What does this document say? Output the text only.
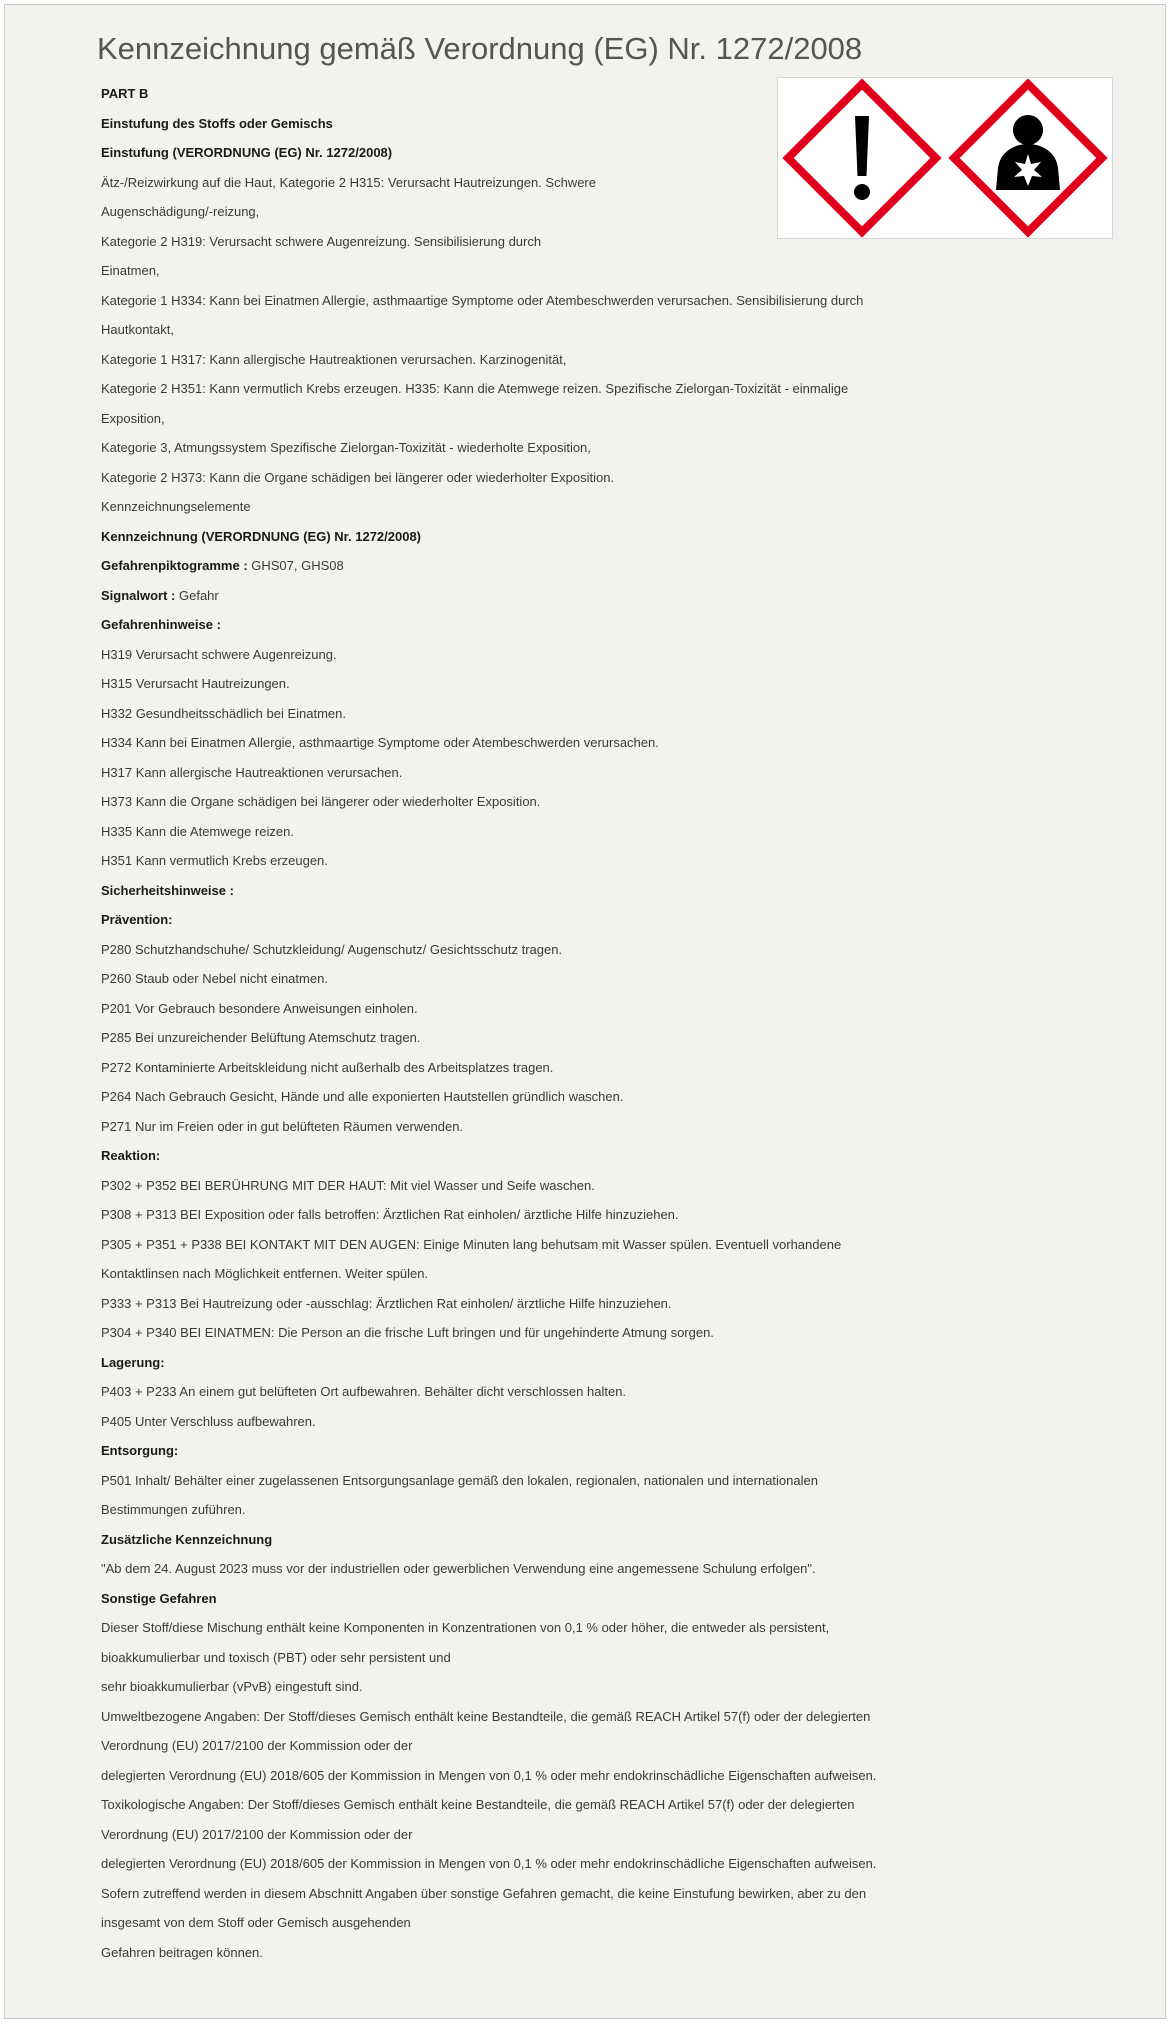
Kennzeichnung gemäß Verordnung (EG) Nr. 1272/2008
PART B
Einstufung des Stoffs oder Gemischs
Einstufung (VERORDNUNG (EG) Nr. 1272/2008)
Ätz-/Reizwirkung auf die Haut, Kategorie 2 H315: Verursacht Hautreizungen. Schwere
Augenschädigung/-reizung,
Kategorie 2 H319: Verursacht schwere Augenreizung. Sensibilisierung durch
Einatmen,
Kategorie 1 H334: Kann bei Einatmen Allergie, asthmaartige Symptome oder Atembeschwerden verursachen. Sensibilisierung durch
Hautkontakt,
Kategorie 1 H317: Kann allergische Hautreaktionen verursachen. Karzinogenität,
Kategorie 2 H351: Kann vermutlich Krebs erzeugen. H335: Kann die Atemwege reizen. Spezifische Zielorgan-Toxizität - einmalige
Exposition,
Kategorie 3, Atmungssystem Spezifische Zielorgan-Toxizität - wiederholte Exposition,
Kategorie 2 H373: Kann die Organe schädigen bei längerer oder wiederholter Exposition.
Kennzeichnungselemente
Kennzeichnung (VERORDNUNG (EG) Nr. 1272/2008)
Gefahrenpiktogramme : GHS07, GHS08
Signalwort : Gefahr
Gefahrenhinweise :
H319 Verursacht schwere Augenreizung.
H315 Verursacht Hautreizungen.
H332 Gesundheitsschädlich bei Einatmen.
H334 Kann bei Einatmen Allergie, asthmaartige Symptome oder Atembeschwerden verursachen.
H317 Kann allergische Hautreaktionen verursachen.
H373 Kann die Organe schädigen bei längerer oder wiederholter Exposition.
H335 Kann die Atemwege reizen.
H351 Kann vermutlich Krebs erzeugen.
Sicherheitshinweise :
Prävention:
P280 Schutzhandschuhe/ Schutzkleidung/ Augenschutz/ Gesichtsschutz tragen.
P260 Staub oder Nebel nicht einatmen.
P201 Vor Gebrauch besondere Anweisungen einholen.
P285 Bei unzureichender Belüftung Atemschutz tragen.
P272 Kontaminierte Arbeitskleidung nicht außerhalb des Arbeitsplatzes tragen.
P264 Nach Gebrauch Gesicht, Hände und alle exponierten Hautstellen gründlich waschen.
P271 Nur im Freien oder in gut belüfteten Räumen verwenden.
Reaktion:
P302 + P352 BEI BERÜHRUNG MIT DER HAUT: Mit viel Wasser und Seife waschen.
P308 + P313 BEI Exposition oder falls betroffen: Ärztlichen Rat einholen/ ärztliche Hilfe hinzuziehen.
P305 + P351 + P338 BEI KONTAKT MIT DEN AUGEN: Einige Minuten lang behutsam mit Wasser spülen. Eventuell vorhandene
Kontaktlinsen nach Möglichkeit entfernen. Weiter spülen.
P333 + P313 Bei Hautreizung oder -ausschlag: Ärztlichen Rat einholen/ ärztliche Hilfe hinzuziehen.
P304 + P340 BEI EINATMEN: Die Person an die frische Luft bringen und für ungehinderte Atmung sorgen.
Lagerung:
P403 + P233 An einem gut belüfteten Ort aufbewahren. Behälter dicht verschlossen halten.
P405 Unter Verschluss aufbewahren.
Entsorgung:
P501 Inhalt/ Behälter einer zugelassenen Entsorgungsanlage gemäß den lokalen, regionalen, nationalen und internationalen
Bestimmungen zuführen.
Zusätzliche Kennzeichnung
"Ab dem 24. August 2023 muss vor der industriellen oder gewerblichen Verwendung eine angemessene Schulung erfolgen".
Sonstige Gefahren
Dieser Stoff/diese Mischung enthält keine Komponenten in Konzentrationen von 0,1 % oder höher, die entweder als persistent,
bioakkumulierbar und toxisch (PBT) oder sehr persistent und
sehr bioakkumulierbar (vPvB) eingestuft sind.
Umweltbezogene Angaben: Der Stoff/dieses Gemisch enthält keine Bestandteile, die gemäß REACH Artikel 57(f) oder der delegierten
Verordnung (EU) 2017/2100 der Kommission oder der
delegierten Verordnung (EU) 2018/605 der Kommission in Mengen von 0,1 % oder mehr endokrinschädliche Eigenschaften aufweisen.
Toxikologische Angaben: Der Stoff/dieses Gemisch enthält keine Bestandteile, die gemäß REACH Artikel 57(f) oder der delegierten
Verordnung (EU) 2017/2100 der Kommission oder der
delegierten Verordnung (EU) 2018/605 der Kommission in Mengen von 0,1 % oder mehr endokrinschädliche Eigenschaften aufweisen.
Sofern zutreffend werden in diesem Abschnitt Angaben über sonstige Gefahren gemacht, die keine Einstufung bewirken, aber zu den
insgesamt von dem Stoff oder Gemisch ausgehenden
Gefahren beitragen können.
